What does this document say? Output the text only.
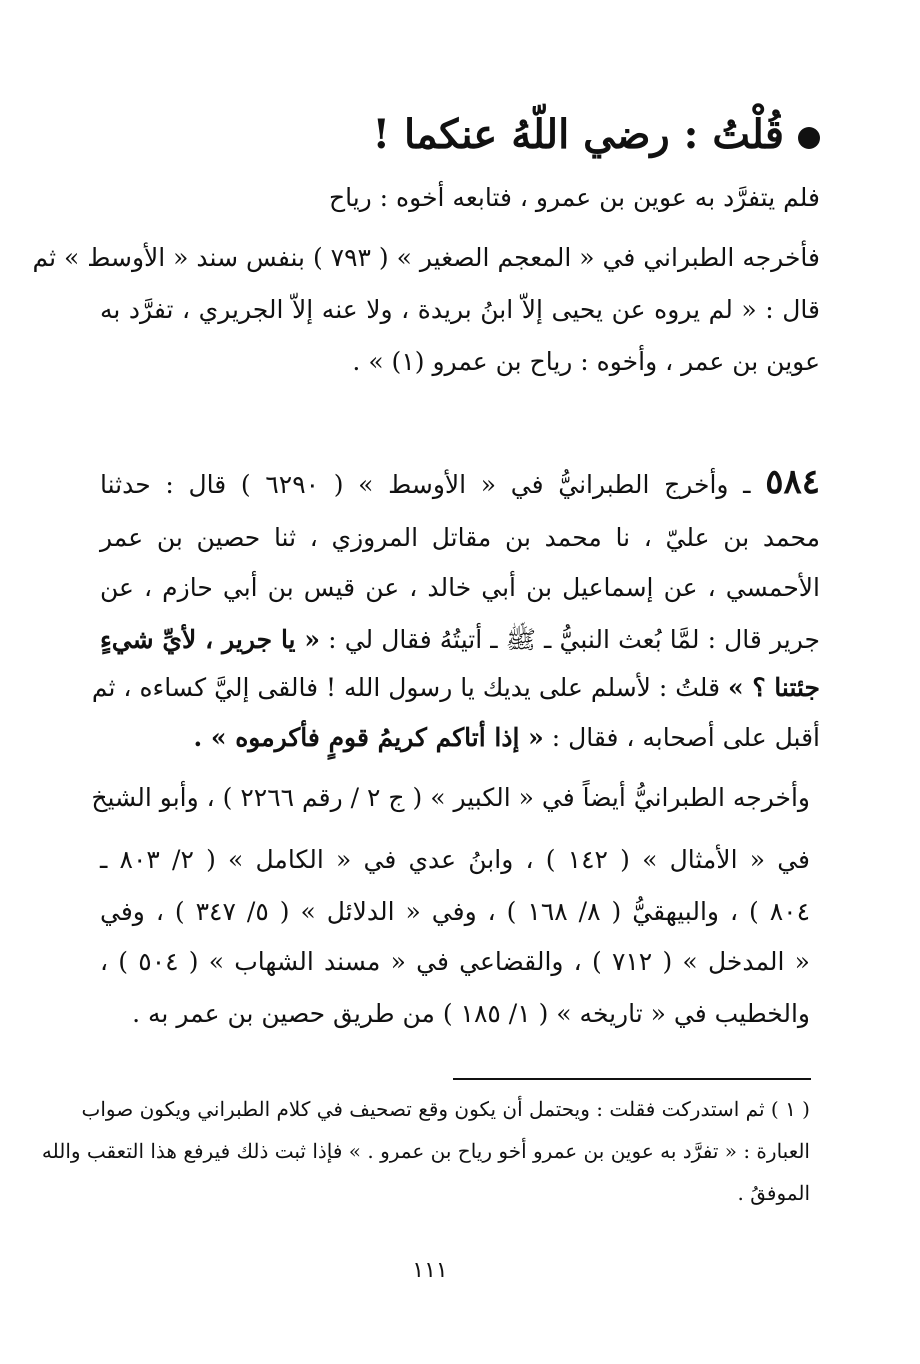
قُلْتُ : رضي اللّهُ عنكما !
فلم يتفرَّد به عوين بن عمرو ، فتابعه أخوه : رياح
فأخرجه الطبراني في « المعجم الصغير » ( ٧٩٣ ) بنفس سند « الأوسط » ثم
قال : « لم يروه عن يحيى إلاّ ابنُ بريدة ، ولا عنه إلاّ الجريري ، تفرَّد به
عوين بن عمر ، وأخوه : رياح بن عمرو (١) » .
٥٨٤ ـ وأخرج الطبرانيُّ في « الأوسط » ( ٦٢٩٠ ) قال : حدثنا
محمد بن عليّ ، نا محمد بن مقاتل المروزي ، ثنا حصين بن عمر
الأحمسي ، عن إسماعيل بن أبي خالد ، عن قيس بن أبي حازم ، عن
جرير قال : لمَّا بُعث النبيُّ ـ ﷺ ـ أتيتُهُ فقال لي : « يا جرير ، لأيِّ شيءٍ
جئتنا ؟ » قلتُ : لأسلم على يديك يا رسول الله ! فالقى إليَّ كساءه ، ثم
أقبل على أصحابه ، فقال : « إذا أتاكم كريمُ قومٍ فأكرموه » .
وأخرجه الطبرانيُّ أيضاً في « الكبير » ( ج ٢ / رقم ٢٢٦٦ ) ، وأبو الشيخ
في « الأمثال » ( ١٤٢ ) ، وابنُ عدي في « الكامل » ( ٢/ ٨٠٣ ـ
٨٠٤ ) ، والبيهقيُّ ( ٨/ ١٦٨ ) ، وفي « الدلائل » ( ٥/ ٣٤٧ ) ، وفي
« المدخل » ( ٧١٢ ) ، والقضاعي في « مسند الشهاب » ( ٥٠٤ ) ،
والخطيب في « تاريخه » ( ١/ ١٨٥ ) من طريق حصين بن عمر به .
( ١ ) ثم استدركت فقلت : ويحتمل أن يكون وقع تصحيف في كلام الطبراني ويكون صواب
العبارة : « تفرَّد به عوين بن عمرو أخو رياح بن عمرو . » فإذا ثبت ذلك فيرفع هذا التعقب والله
الموفقُ .
١١١
